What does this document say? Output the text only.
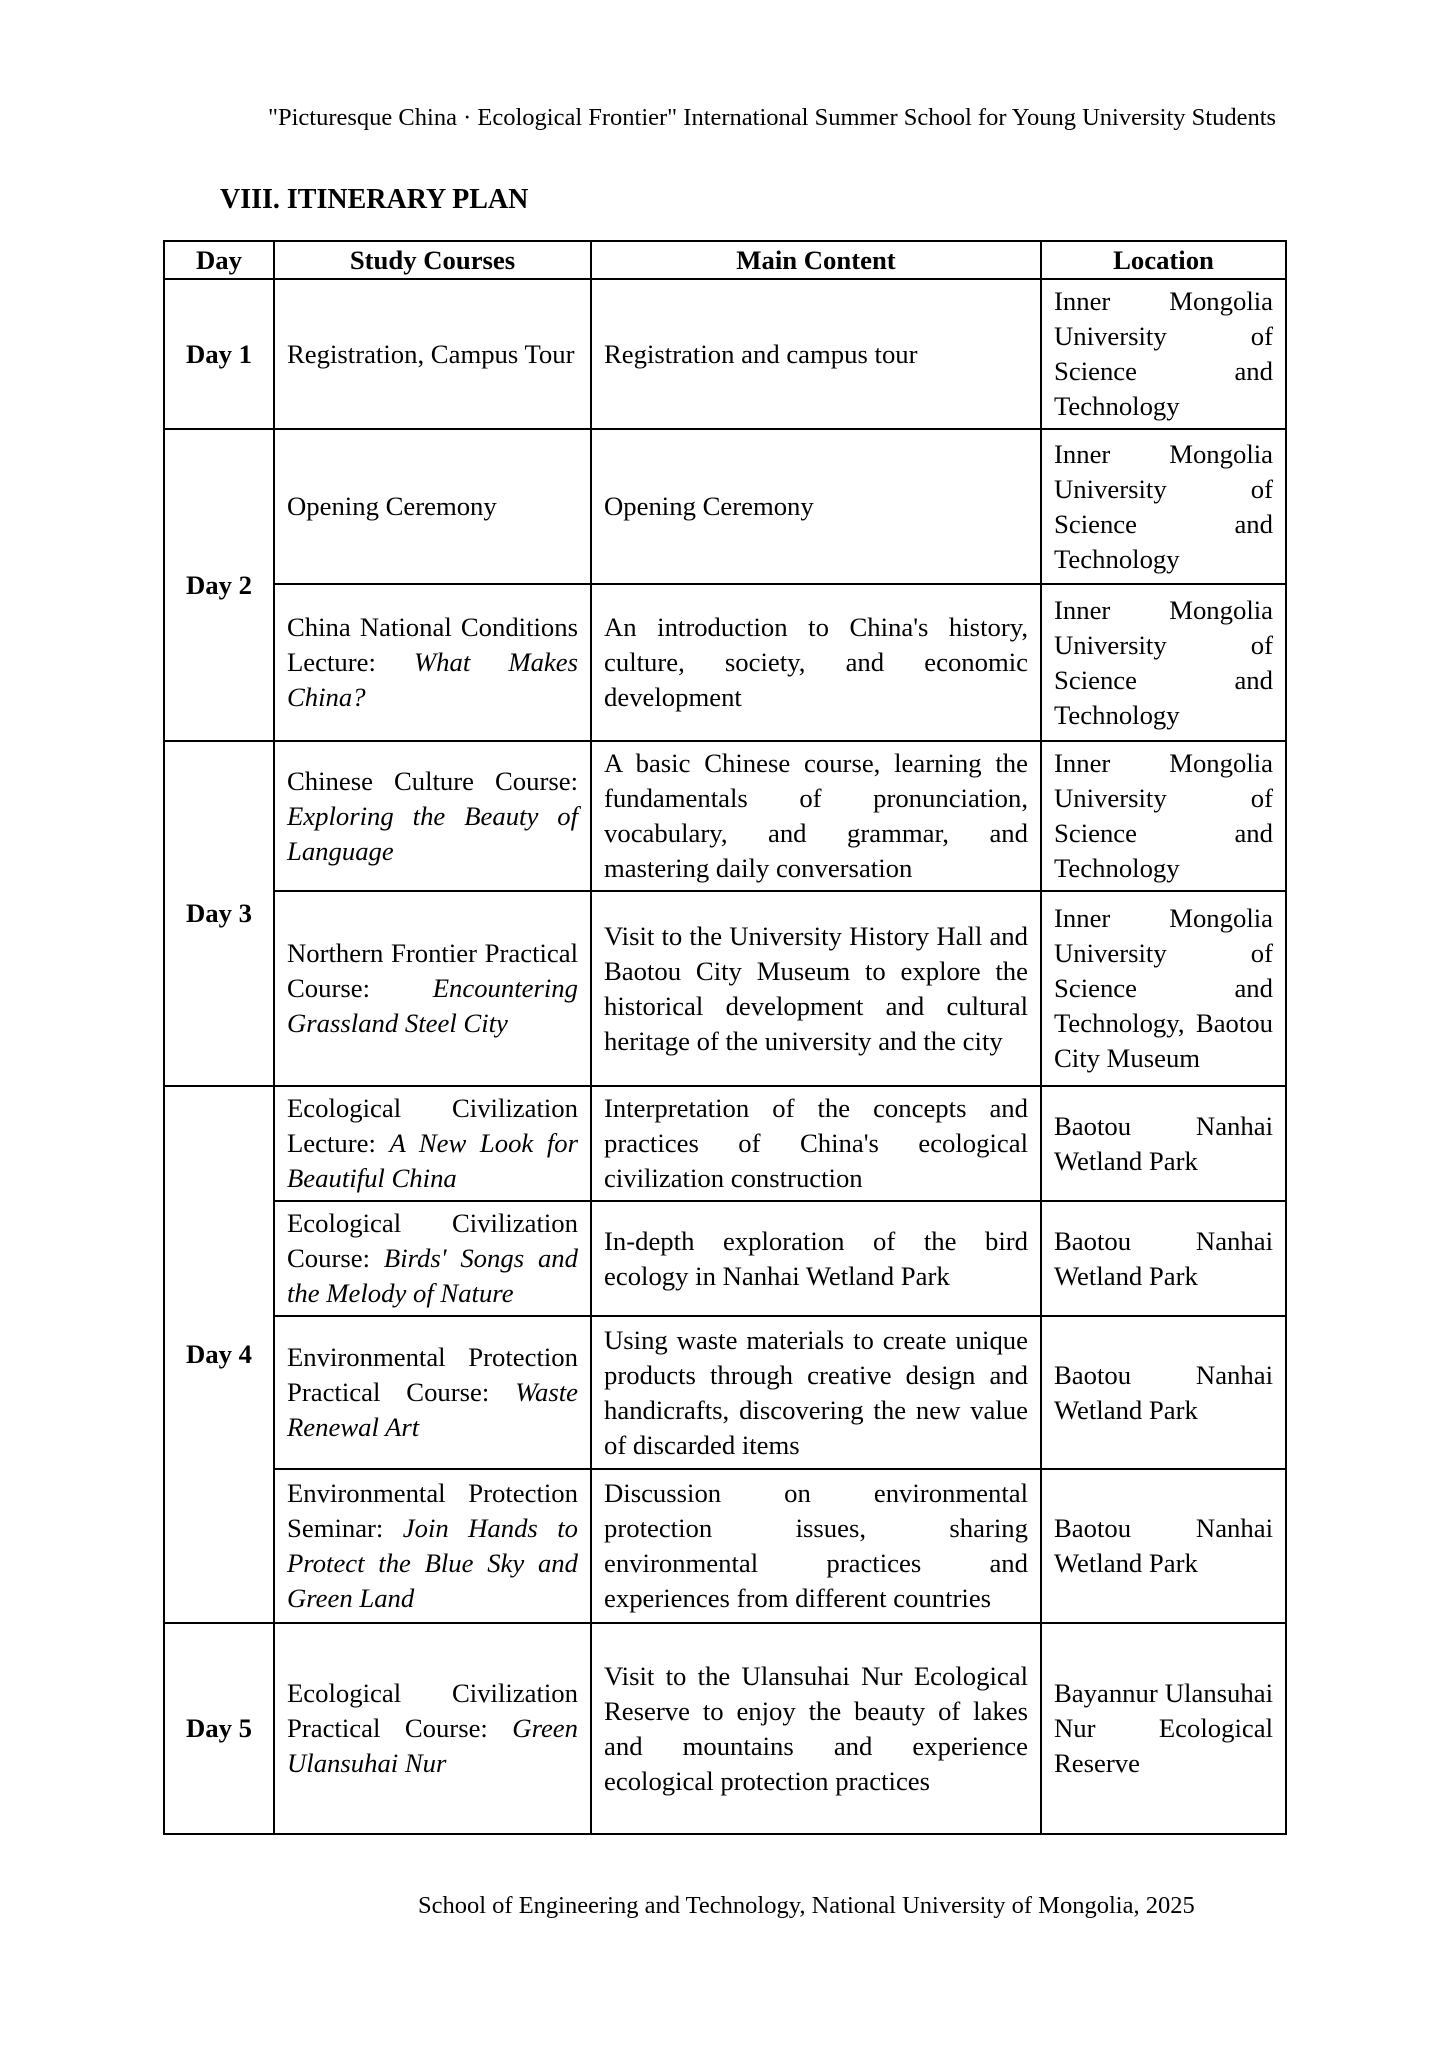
"Picturesque China · Ecological Frontier" International Summer School for Young University Students
VIII. ITINERARY PLAN
Day	Study Courses	Main Content	Location
Day 1	Registration, Campus Tour	Registration and campus tour	Inner Mongolia University of Science and Technology
Day 2	Opening Ceremony	Opening Ceremony	Inner Mongolia University of Science and Technology
	China National Conditions Lecture: What Makes China?	An introduction to China's history, culture, society, and economic development	Inner Mongolia University of Science and Technology
Day 3	Chinese Culture Course: Exploring the Beauty of Language	A basic Chinese course, learning the fundamentals of pronunciation, vocabulary, and grammar, and mastering daily conversation	Inner Mongolia University of Science and Technology
	Northern Frontier Practical Course: Encountering Grassland Steel City	Visit to the University History Hall and Baotou City Museum to explore the historical development and cultural heritage of the university and the city	Inner Mongolia University of Science and Technology, Baotou City Museum
Day 4	Ecological Civilization Lecture: A New Look for Beautiful China	Interpretation of the concepts and practices of China's ecological civilization construction	Baotou Nanhai Wetland Park
	Ecological Civilization Course: Birds' Songs and the Melody of Nature	In-depth exploration of the bird ecology in Nanhai Wetland Park	Baotou Nanhai Wetland Park
	Environmental Protection Practical Course: Waste Renewal Art	Using waste materials to create unique products through creative design and handicrafts, discovering the new value of discarded items	Baotou Nanhai Wetland Park
	Environmental Protection Seminar: Join Hands to Protect the Blue Sky and Green Land	Discussion on environmental protection issues, sharing environmental practices and experiences from different countries	Baotou Nanhai Wetland Park
Day 5	Ecological Civilization Practical Course: Green Ulansuhai Nur	Visit to the Ulansuhai Nur Ecological Reserve to enjoy the beauty of lakes and mountains and experience ecological protection practices	Bayannur Ulansuhai Nur Ecological Reserve
School of Engineering and Technology, National University of Mongolia, 2025
